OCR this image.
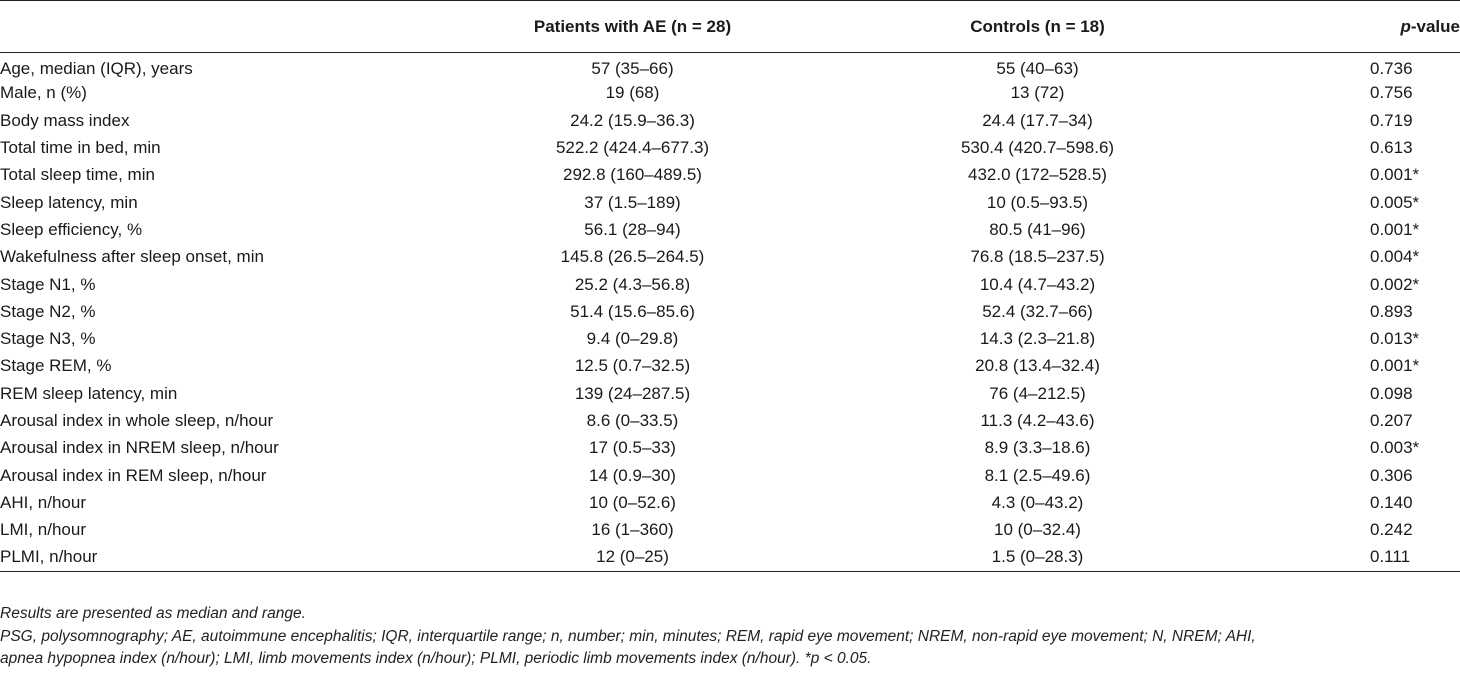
	Patients with AE (n = 28)	Controls (n = 18)	p-value
Age, median (IQR), years	57 (35–66)	55 (40–63)	0.736
Male, n (%)	19 (68)	13 (72)	0.756
Body mass index	24.2 (15.9–36.3)	24.4 (17.7–34)	0.719
Total time in bed, min	522.2 (424.4–677.3)	530.4 (420.7–598.6)	0.613
Total sleep time, min	292.8 (160–489.5)	432.0 (172–528.5)	0.001*
Sleep latency, min	37 (1.5–189)	10 (0.5–93.5)	0.005*
Sleep efficiency, %	56.1 (28–94)	80.5 (41–96)	0.001*
Wakefulness after sleep onset, min	145.8 (26.5–264.5)	76.8 (18.5–237.5)	0.004*
Stage N1, %	25.2 (4.3–56.8)	10.4 (4.7–43.2)	0.002*
Stage N2, %	51.4 (15.6–85.6)	52.4 (32.7–66)	0.893
Stage N3, %	9.4 (0–29.8)	14.3 (2.3–21.8)	0.013*
Stage REM, %	12.5 (0.7–32.5)	20.8 (13.4–32.4)	0.001*
REM sleep latency, min	139 (24–287.5)	76 (4–212.5)	0.098
Arousal index in whole sleep, n/hour	8.6 (0–33.5)	11.3 (4.2–43.6)	0.207
Arousal index in NREM sleep, n/hour	17 (0.5–33)	8.9 (3.3–18.6)	0.003*
Arousal index in REM sleep, n/hour	14 (0.9–30)	8.1 (2.5–49.6)	0.306
AHI, n/hour	10 (0–52.6)	4.3 (0–43.2)	0.140
LMI, n/hour	16 (1–360)	10 (0–32.4)	0.242
PLMI, n/hour	12 (0–25)	1.5 (0–28.3)	0.111

Results are presented as median and range.

PSG, polysomnography; AE, autoimmune encephalitis; IQR, interquartile range; n, number; min, minutes; REM, rapid eye movement; NREM, non-rapid eye movement; N, NREM; AHI,

apnea hypopnea index (n/hour); LMI, limb movements index (n/hour); PLMI, periodic limb movements index (n/hour). *p < 0.05.
